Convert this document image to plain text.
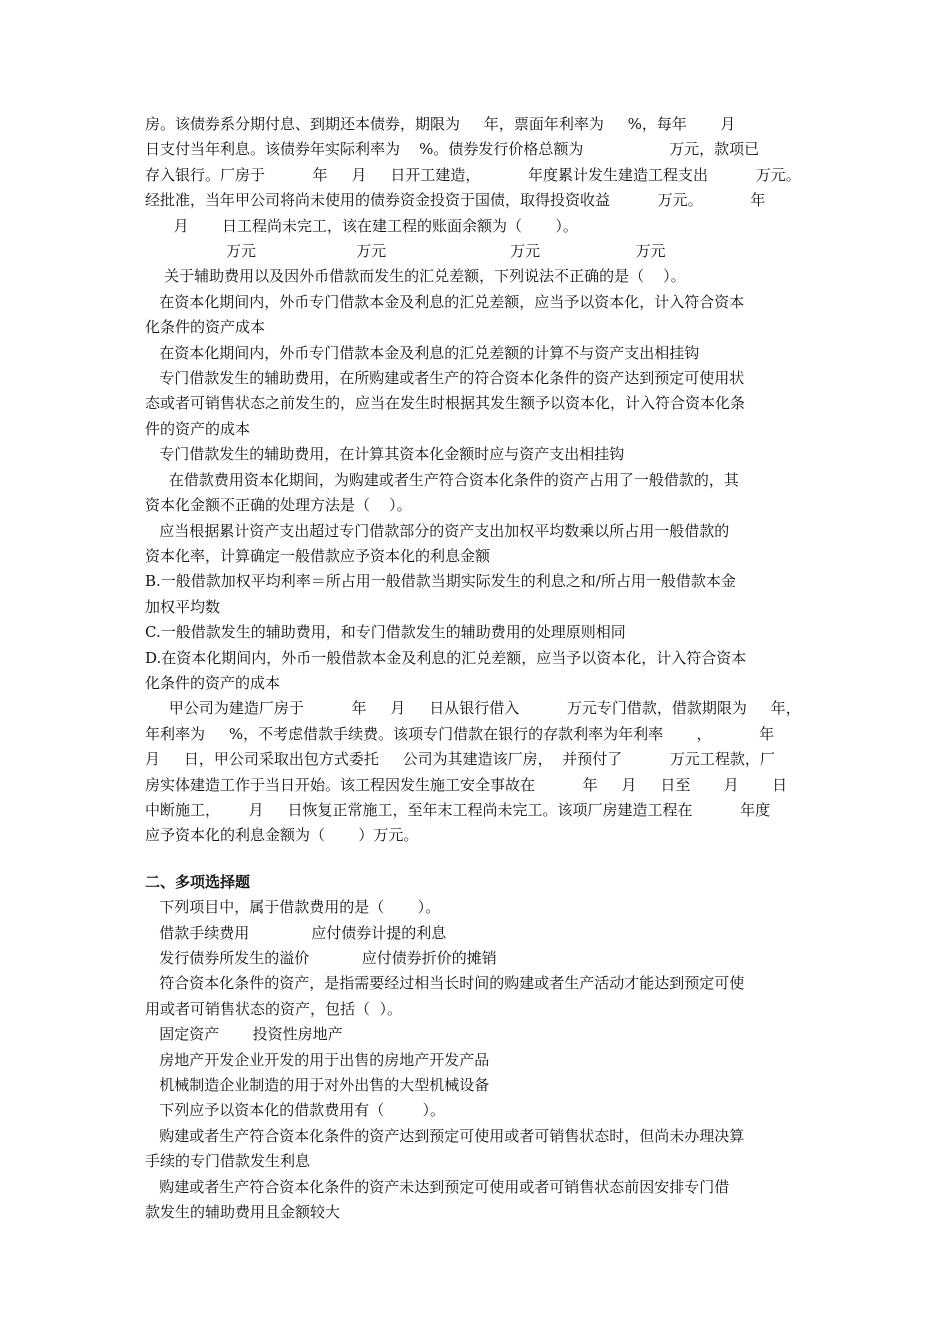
房。该债券系分期付息、到期还本债券，期限为     年，票面年利率为     %，每年       月
日支付当年利息。该债券年实际利率为    %。债券发行价格总额为                  万元，款项已
存入银行。厂房于          年     月     日开工建造，          年度累计发生建造工程支出          万元。
经批准，当年甲公司将尚未使用的债券资金投资于国债，取得投资收益          万元。          年
月       日工程尚未完工，该在建工程的账面余额为（       ）。
万元                     万元                          万元                    万元
关于辅助费用以及因外币借款而发生的汇兑差额，下列说法不正确的是（    ）。
在资本化期间内，外币专门借款本金及利息的汇兑差额，应当予以资本化，计入符合资本
化条件的资产成本
在资本化期间内，外币专门借款本金及利息的汇兑差额的计算不与资产支出相挂钩
专门借款发生的辅助费用，在所购建或者生产的符合资本化条件的资产达到预定可使用状
态或者可销售状态之前发生的，应当在发生时根据其发生额予以资本化，计入符合资本化条
件的资产的成本
专门借款发生的辅助费用，在计算其资本化金额时应与资产支出相挂钩
在借款费用资本化期间，为购建或者生产符合资本化条件的资产占用了一般借款的，其
资本化金额不正确的处理方法是（    ）。
应当根据累计资产支出超过专门借款部分的资产支出加权平均数乘以所占用一般借款的
资本化率，计算确定一般借款应予资本化的利息金额
B.一般借款加权平均利率＝所占用一般借款当期实际发生的利息之和/所占用一般借款本金
加权平均数
C.一般借款发生的辅助费用，和专门借款发生的辅助费用的处理原则相同
D.在资本化期间内，外币一般借款本金及利息的汇兑差额，应当予以资本化，计入符合资本
化条件的资产的成本
甲公司为建造厂房于          年     月     日从银行借入          万元专门借款，借款期限为     年，
年利率为     %，不考虑借款手续费。该项专门借款在银行的存款利率为年利率       ，          年
月     日，甲公司采取出包方式委托     公司为其建造该厂房，  并预付了          万元工程款，厂
房实体建造工作于当日开始。该工程因发生施工安全事故在          年     月     日至       月       日
中断施工，      月     日恢复正常施工，至年末工程尚未完工。该项厂房建造工程在          年度
应予资本化的利息金额为（       ）万元。
二、多项选择题
下列项目中，属于借款费用的是（       ）。
借款手续费用             应付债券计提的利息
发行债券所发生的溢价           应付债券折价的摊销
符合资本化条件的资产，是指需要经过相当长时间的购建或者生产活动才能达到预定可使
用或者可销售状态的资产，包括（  ）。
固定资产       投资性房地产
房地产开发企业开发的用于出售的房地产开发产品
机械制造企业制造的用于对外出售的大型机械设备
下列应予以资本化的借款费用有（        ）。
购建或者生产符合资本化条件的资产达到预定可使用或者可销售状态时，但尚未办理决算
手续的专门借款发生利息
购建或者生产符合资本化条件的资产未达到预定可使用或者可销售状态前因安排专门借
款发生的辅助费用且金额较大
